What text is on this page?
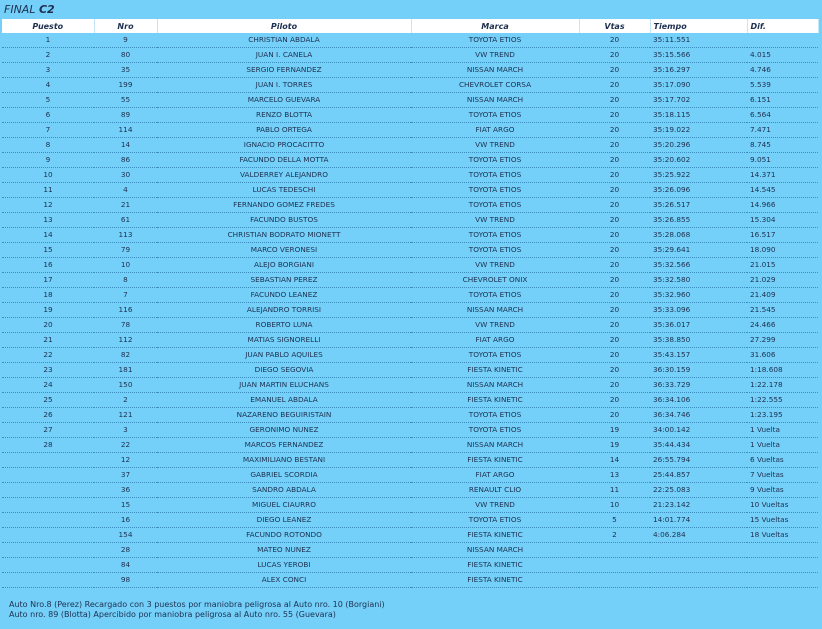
FINAL C2
Puesto	Nro	Piloto	Marca	Vtas	Tiempo	Dif.
1	9	CHRISTIAN ABDALA	TOYOTA ETIOS	20	35:11.551	
2	80	JUAN I. CANELA	VW TREND	20	35:15.566	4.015
3	35	SERGIO FERNANDEZ	NISSAN MARCH	20	35:16.297	4.746
4	199	JUAN I. TORRES	CHEVROLET CORSA	20	35:17.090	5.539
5	55	MARCELO GUEVARA	NISSAN MARCH	20	35:17.702	6.151
6	89	RENZO BLOTTA	TOYOTA ETIOS	20	35:18.115	6.564
7	114	PABLO ORTEGA	FIAT ARGO	20	35:19.022	7.471
8	14	IGNACIO PROCACITTO	VW TREND	20	35:20.296	8.745
9	86	FACUNDO DELLA MOTTA	TOYOTA ETIOS	20	35:20.602	9.051
10	30	VALDERREY ALEJANDRO	TOYOTA ETIOS	20	35:25.922	14.371
11	4	LUCAS TEDESCHI	TOYOTA ETIOS	20	35:26.096	14.545
12	21	FERNANDO GOMEZ FREDES	TOYOTA ETIOS	20	35:26.517	14.966
13	61	FACUNDO BUSTOS	VW TREND	20	35:26.855	15.304
14	113	CHRISTIAN BODRATO MIONETT	TOYOTA ETIOS	20	35:28.068	16.517
15	79	MARCO VERONESI	TOYOTA ETIOS	20	35:29.641	18.090
16	10	ALEJO BORGIANI	VW TREND	20	35:32.566	21.015
17	8	SEBASTIAN PEREZ	CHEVROLET ONIX	20	35:32.580	21.029
18	7	FACUNDO LEANEZ	TOYOTA ETIOS	20	35:32.960	21.409
19	116	ALEJANDRO TORRISI	NISSAN MARCH	20	35:33.096	21.545
20	78	ROBERTO LUNA	VW TREND	20	35:36.017	24.466
21	112	MATIAS SIGNORELLI	FIAT ARGO	20	35:38.850	27.299
22	82	JUAN PABLO AQUILES	TOYOTA ETIOS	20	35:43.157	31.606
23	181	DIEGO SEGOVIA	FIESTA KINETIC	20	36:30.159	1:18.608
24	150	JUAN MARTIN ELUCHANS	NISSAN MARCH	20	36:33.729	1:22.178
25	2	EMANUEL ABDALA	FIESTA KINETIC	20	36:34.106	1:22.555
26	121	NAZARENO BEGUIRISTAIN	TOYOTA ETIOS	20	36:34.746	1:23.195
27	3	GERONIMO NUNEZ	TOYOTA ETIOS	19	34:00.142	1 Vuelta
28	22	MARCOS FERNANDEZ	NISSAN MARCH	19	35:44.434	1 Vuelta
	12	MAXIMILIANO BESTANI	FIESTA KINETIC	14	26:55.794	6 Vueltas
	37	GABRIEL SCORDIA	FIAT ARGO	13	25:44.857	7 Vueltas
	36	SANDRO ABDALA	RENAULT CLIO	11	22:25.083	9 Vueltas
	15	MIGUEL CIAURRO	VW TREND	10	21:23.142	10 Vueltas
	16	DIEGO LEANEZ	TOYOTA ETIOS	5	14:01.774	15 Vueltas
	154	FACUNDO ROTONDO	FIESTA KINETIC	2	4:06.284	18 Vueltas
	28	MATEO NUNEZ	NISSAN MARCH			
	84	LUCAS YEROBI	FIESTA KINETIC			
	98	ALEX CONCI	FIESTA KINETIC			
Auto Nro.8 (Perez) Recargado con 3 puestos por maniobra peligrosa al Auto nro. 10 (Borgiani)
Auto nro. 89 (Blotta) Apercibido por maniobra peligrosa al Auto nro. 55 (Guevara)
